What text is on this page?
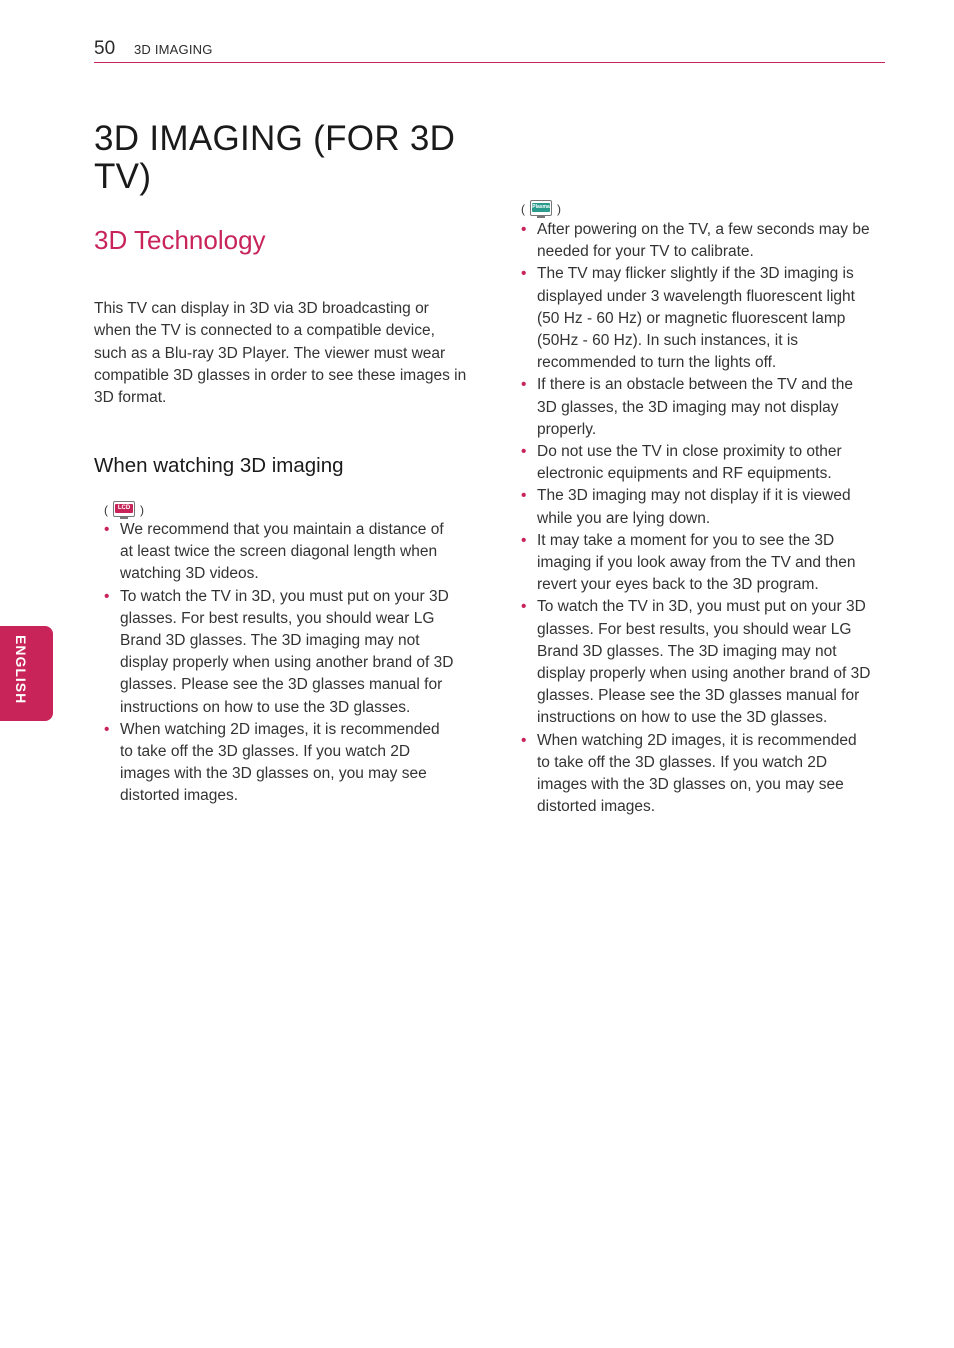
50 3D IMAGING
ENGLISH
3D IMAGING (FOR 3D TV)
3D Technology

This TV can display in 3D via 3D broadcasting or when the TV is connected to a compatible device, such as a Blu-ray 3D Player. The viewer must wear compatible 3D glasses in order to see these images in 3D format.

When watching 3D imaging
(	LCD )
• We recommend that you maintain a distance of at least twice the screen diagonal length when watching 3D videos.
• To watch the TV in 3D, you must put on your 3D glasses. For best results, you should wear LG Brand 3D glasses. The 3D imaging may not display properly when using another brand of 3D glasses. Please see the 3D glasses manual for instructions on how to use the 3D glasses.
• When watching 2D images, it is recommended to take off the 3D glasses. If you watch 2D images with the 3D glasses on, you may see distorted images.
( Plasma )
• After powering on the TV, a few seconds may be needed for your TV to calibrate.
• The TV may flicker slightly if the 3D imaging is displayed under 3 wavelength fluorescent light (50 Hz - 60 Hz) or magnetic fluorescent lamp (50Hz - 60 Hz). In such instances, it is recommended to turn the lights off.
• If there is an obstacle between the TV and the 3D glasses, the 3D imaging may not display properly.
• Do not use the TV in close proximity to other electronic equipments and RF equipments.
• The 3D imaging may not display if it is viewed while you are lying down.
• It may take a moment for you to see the 3D imaging if you look away from the TV and then revert your eyes back to the 3D program.
• To watch the TV in 3D, you must put on your 3D glasses. For best results, you should wear LG Brand 3D glasses. The 3D imaging may not display properly when using another brand of 3D glasses. Please see the 3D glasses manual for instructions on how to use the 3D glasses.
• When watching 2D images, it is recommended to take off the 3D glasses. If you watch 2D images with the 3D glasses on, you may see distorted images.
